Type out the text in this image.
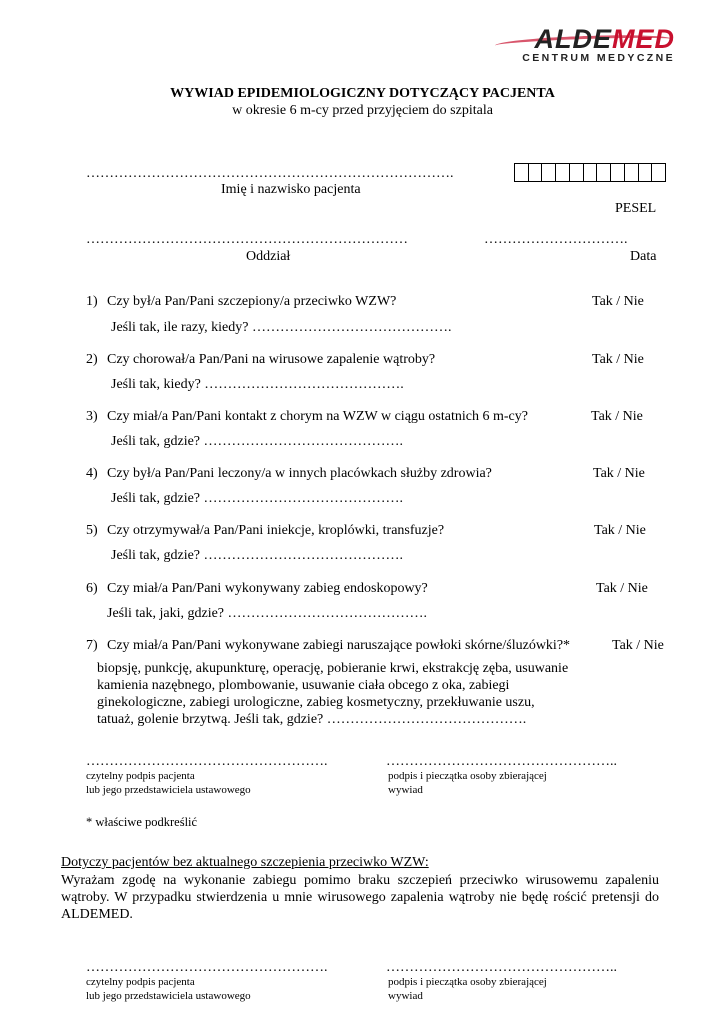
ALDEMED
CENTRUM MEDYCZNE
WYWIAD EPIDEMIOLOGICZNY DOTYCZĄCY PACJENTA
w okresie 6 m-cy przed przyjęciem do szpitala
…………………………………………………………………….
Imię i nazwisko pacjenta
PESEL
……………………………………………………………	………………………….
Oddział	Data
1) Czy był/a Pan/Pani szczepiony/a przeciwko WZW?	Tak / Nie
Jeśli tak, ile razy, kiedy? …………………………………….
2) Czy chorował/a Pan/Pani na wirusowe zapalenie wątroby?	Tak / Nie
Jeśli tak, kiedy? …………………………………….
3) Czy miał/a Pan/Pani kontakt z chorym na WZW w ciągu ostatnich 6 m-cy?	Tak / Nie
Jeśli tak, gdzie? …………………………………….
4) Czy był/a Pan/Pani leczony/a w innych placówkach służby zdrowia?	Tak / Nie
Jeśli tak, gdzie? …………………………………….
5) Czy otrzymywał/a Pan/Pani iniekcje, kroplówki, transfuzje?	Tak / Nie
Jeśli tak, gdzie? …………………………………….
6) Czy miał/a Pan/Pani wykonywany zabieg endoskopowy?	Tak / Nie
Jeśli tak, jaki, gdzie? …………………………………….
7) Czy miał/a Pan/Pani wykonywane zabiegi naruszające powłoki skórne/śluzówki?*	Tak / Nie
biopsję, punkcję, akupunkturę, operację, pobieranie krwi, ekstrakcję zęba, usuwanie
kamienia nazębnego, plombowanie, usuwanie ciała obcego z oka, zabiegi
ginekologiczne, zabiegi urologiczne, zabieg kosmetyczny, przekłuwanie uszu,
tatuaż, golenie brzytwą. Jeśli tak, gdzie? …………………………………….
…………………………………………….	…………………………………………..
czytelny podpis pacjenta	podpis i pieczątka osoby zbierającej
lub jego przedstawiciela ustawowego	wywiad
* właściwe podkreślić
Dotyczy pacjentów bez aktualnego szczepienia przeciwko WZW:
Wyrażam zgodę na wykonanie zabiegu pomimo braku szczepień przeciwko wirusowemu zapaleniu wątroby. W przypadku stwierdzenia u mnie wirusowego zapalenia wątroby nie będę rościć pretensji do ALDEMED.
…………………………………………….	…………………………………………..
czytelny podpis pacjenta	podpis i pieczątka osoby zbierającej
lub jego przedstawiciela ustawowego	wywiad
